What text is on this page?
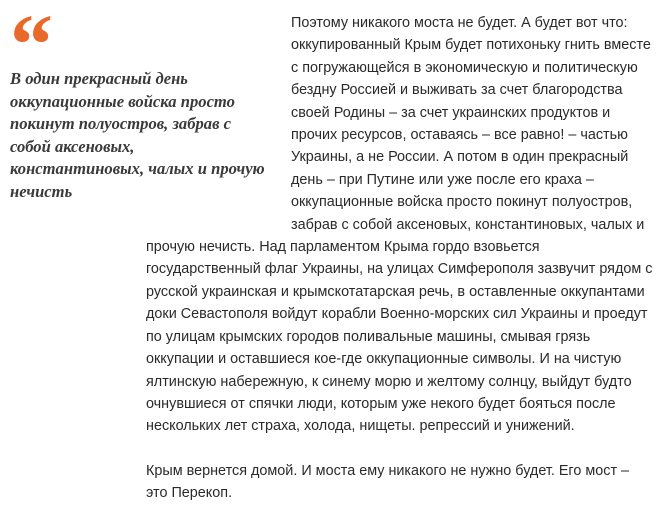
“

В один прекрасный день оккупационные войска просто покинут полуостров, забрав с собой аксеновых, константиновых, чалых и прочую нечисть

Поэтому никакого моста не будет. А будет вот что: оккупированный Крым будет потихоньку гнить вместе с погружающейся в экономическую и политическую бездну Россией и выживать за счет благородства своей Родины – за счет украинских продуктов и прочих ресурсов, оставаясь – все равно! – частью Украины, а не России. А потом в один прекрасный день – при Путине или уже после его краха – оккупационные войска просто покинут полуостров, забрав с собой аксеновых, константиновых, чалых и прочую нечисть. Над парламентом Крыма гордо взовьется государственный флаг Украины, на улицах Симферополя зазвучит рядом с русской украинская и крымскотатарская речь, в оставленные оккупантами доки Севастополя войдут корабли Военно-морских сил Украины и проедут по улицам крымских городов поливальные машины, смывая грязь оккупации и оставшиеся кое-где оккупационные символы. И на чистую ялтинскую набережную, к синему морю и желтому солнцу, выйдут будто очнувшиеся от спячки люди, которым уже некого будет бояться после нескольких лет страха, холода, нищеты. репрессий и унижений.

Крым вернется домой. И моста ему никакого не нужно будет. Его мост – это Перекоп.
